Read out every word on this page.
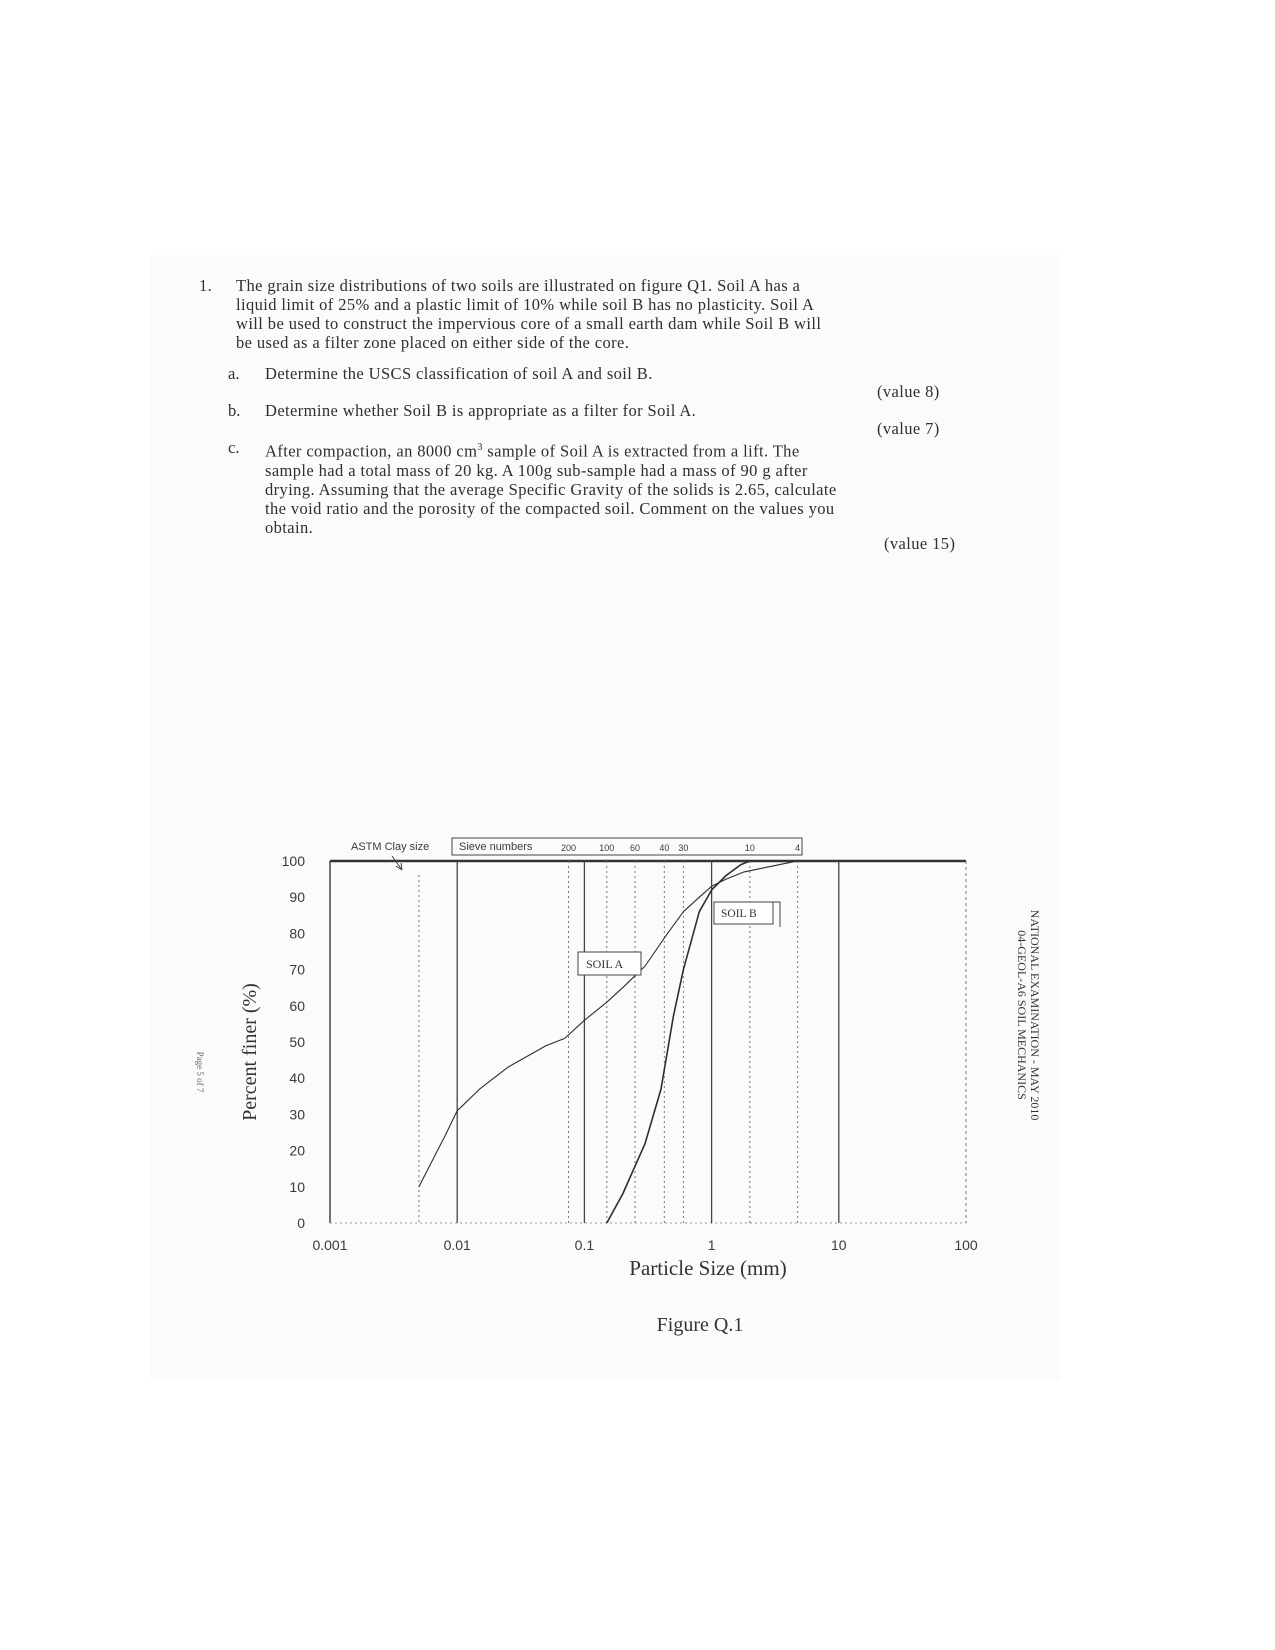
1. The grain size distributions of two soils are illustrated on figure Q1. Soil A has a
liquid limit of 25% and a plastic limit of 10% while soil B has no plasticity. Soil A
will be used to construct the impervious core of a small earth dam while Soil B will
be used as a filter zone placed on either side of the core.
a. Determine the USCS classification of soil A and soil B.
(value 8)
b. Determine whether Soil B is appropriate as a filter for Soil A.
(value 7)
c. After compaction, an 8000 $cm^3$ sample of Soil A is extracted from a lift. The
sample had a total mass of 20 kg. A 100g sub-sample had a mass of 90 g after
drying. Assuming that the average Specific Gravity of the solids is 2.65, calculate
the void ratio and the porosity of the compacted soil. Comment on the values you
obtain.
(value 15)
ASTM Clay size	Sieve numbers	200	100 60 40 30	10	4
0
10
20
30
40
50
60
70
80
90
100
0.001	0.01	0.1	1	10	100
SOIL A
SOIL B
Particle Size (mm)
Percent finer (%)
Figure Q.1
NATIONAL EXAMINATION - MAY 2010
04-GEOL-A6 SOIL MECHANICS
Page 5 of 7
